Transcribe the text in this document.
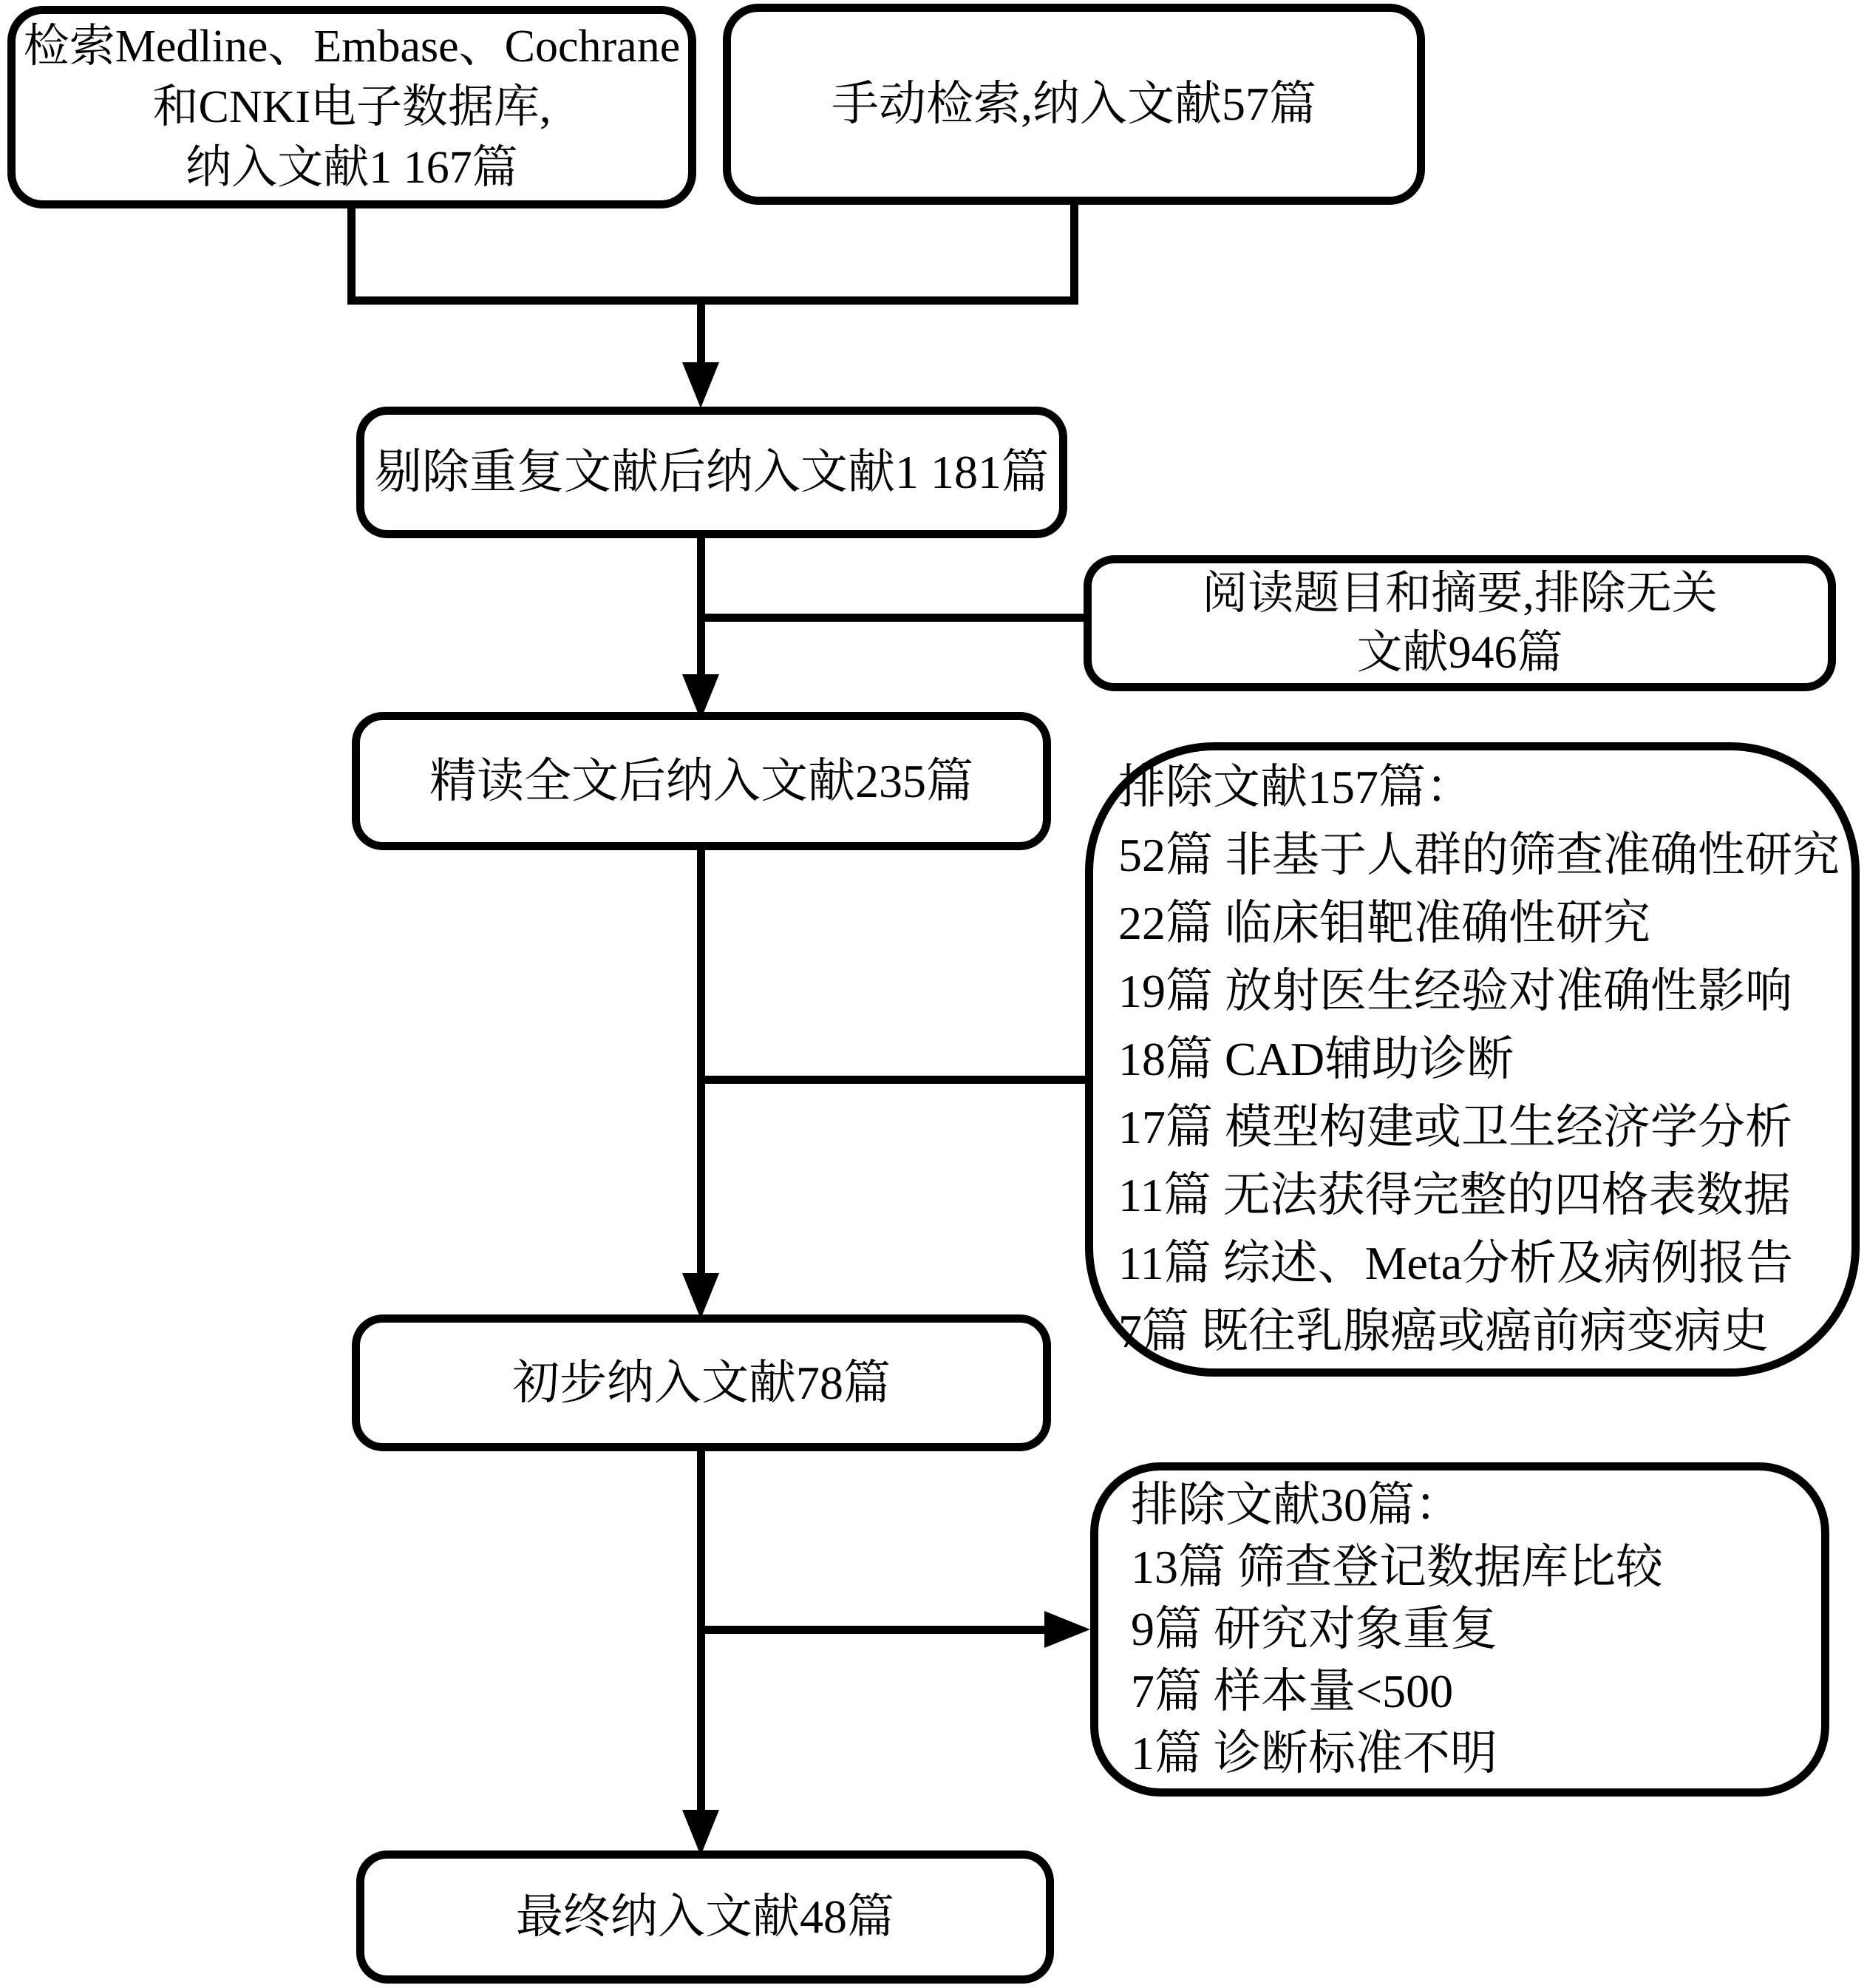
检索Medline、Embase、Cochrane
和CNKI电子数据库,
纳入文献1 167篇
手动检索,纳入文献57篇
剔除重复文献后纳入文献1 181篇
阅读题目和摘要,排除无关
文献946篇
精读全文后纳入文献235篇	排除文献157篇：
52篇 非基于人群的筛查准确性研究
22篇 临床钼靶准确性研究
19篇 放射医生经验对准确性影响
18篇 CAD辅助诊断
17篇 模型构建或卫生经济学分析
11篇 无法获得完整的四格表数据
11篇 综述、Meta分析及病例报告
7篇 既往乳腺癌或癌前病变病史
初步纳入文献78篇
排除文献30篇：
13篇 筛查登记数据库比较
9篇 研究对象重复
7篇 样本量<500
1篇 诊断标准不明
最终纳入文献48篇
